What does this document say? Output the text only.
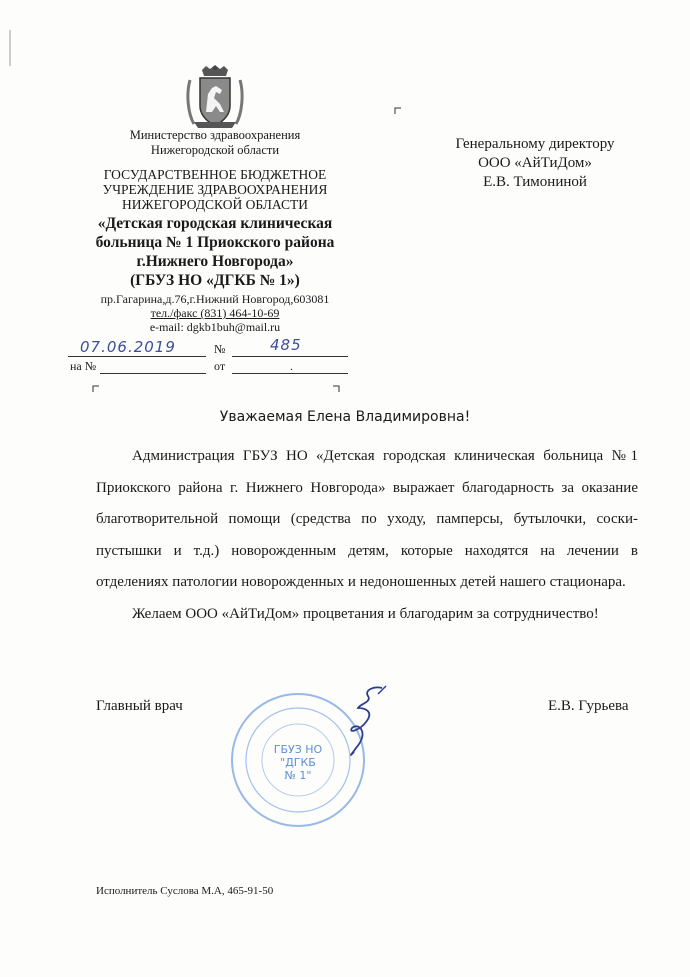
Министерство здравоохранения
Нижегородской области
ГОСУДАРСТВЕННОЕ БЮДЖЕТНОЕ
УЧРЕЖДЕНИЕ ЗДРАВООХРАНЕНИЯ
НИЖЕГОРОДСКОЙ ОБЛАСТИ
«Детская городская клиническая
больница № 1 Приокского района
г.Нижнего Новгорода»
(ГБУЗ НО «ДГКБ № 1»)
пр.Гагарина,д.76,г.Нижний Новгород,603081
тел./факс (831) 464-10-69
e-mail: dgkb1buh@mail.ru
07.06.2019	№	485
на №	от	.
Генеральному директору
ООО «АйТиДом»
Е.В. Тимониной
Уважаемая Елена Владимировна!

Администрация ГБУЗ НО «Детская городская клиническая больница №1 Приокского района г. Нижнего Новгорода» выражает благодарность за оказание благотворительной помощи (средства по уходу, памперсы, бутылочки, соски-пустышки и т.д.) новорожденным детям, которые находятся на лечении в отделениях патологии новорожденных и недоношенных детей нашего стационара.

Желаем ООО «АйТиДом» процветания и благодарим за сотрудничество!

ГБУЗ НО
"ДГКБ
№ 1"
Главный врач	Е.В. Гурьева
Исполнитель Суслова М.А, 465-91-50
